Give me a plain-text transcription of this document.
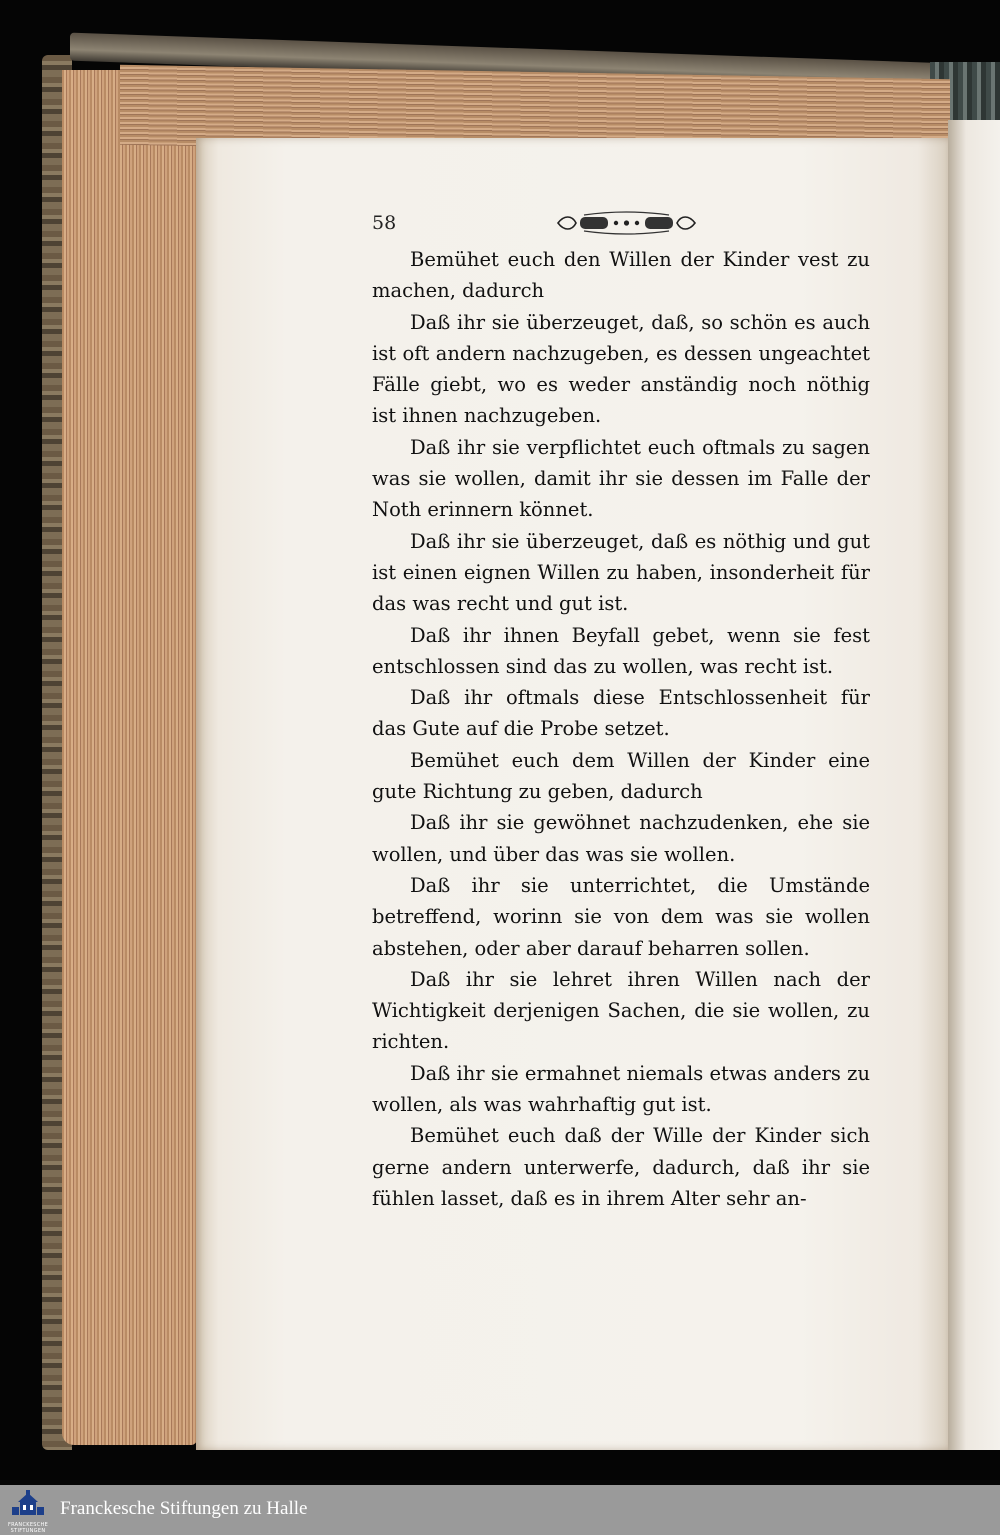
58
Bemühet euch den Willen der Kinder vest zu machen, dadurch
Daß ihr sie überzeuget, daß, so schön es auch ist oft andern nachzugeben, es dessen ungeachtet Fälle giebt, wo es weder anständig noch nöthig ist ihnen nachzugeben.
Daß ihr sie verpflichtet euch oftmals zu sagen was sie wollen, damit ihr sie dessen im Falle der Noth erinnern könnet.
Daß ihr sie überzeuget, daß es nöthig und gut ist einen eignen Willen zu haben, insonderheit für das was recht und gut ist.
Daß ihr ihnen Beyfall gebet, wenn sie fest entschlossen sind das zu wollen, was recht ist.
Daß ihr oftmals diese Entschlossenheit für das Gute auf die Probe setzet.
Bemühet euch dem Willen der Kinder eine gute Richtung zu geben, dadurch
Daß ihr sie gewöhnet nachzudenken, ehe sie wollen, und über das was sie wollen.
Daß ihr sie unterrichtet, die Umstände betreffend, worinn sie von dem was sie wollen abstehen, oder aber darauf beharren sollen.
Daß ihr sie lehret ihren Willen nach der Wichtigkeit derjenigen Sachen, die sie wollen, zu richten.
Daß ihr sie ermahnet niemals etwas anders zu wollen, als was wahrhaftig gut ist.
Bemühet euch daß der Wille der Kinder sich gerne andern unterwerfe, dadurch, daß ihr sie fühlen lasset, daß es in ihrem Alter sehr an-
FRANCKESCHE
STIFTUNGEN
Franckesche Stiftungen zu Halle
